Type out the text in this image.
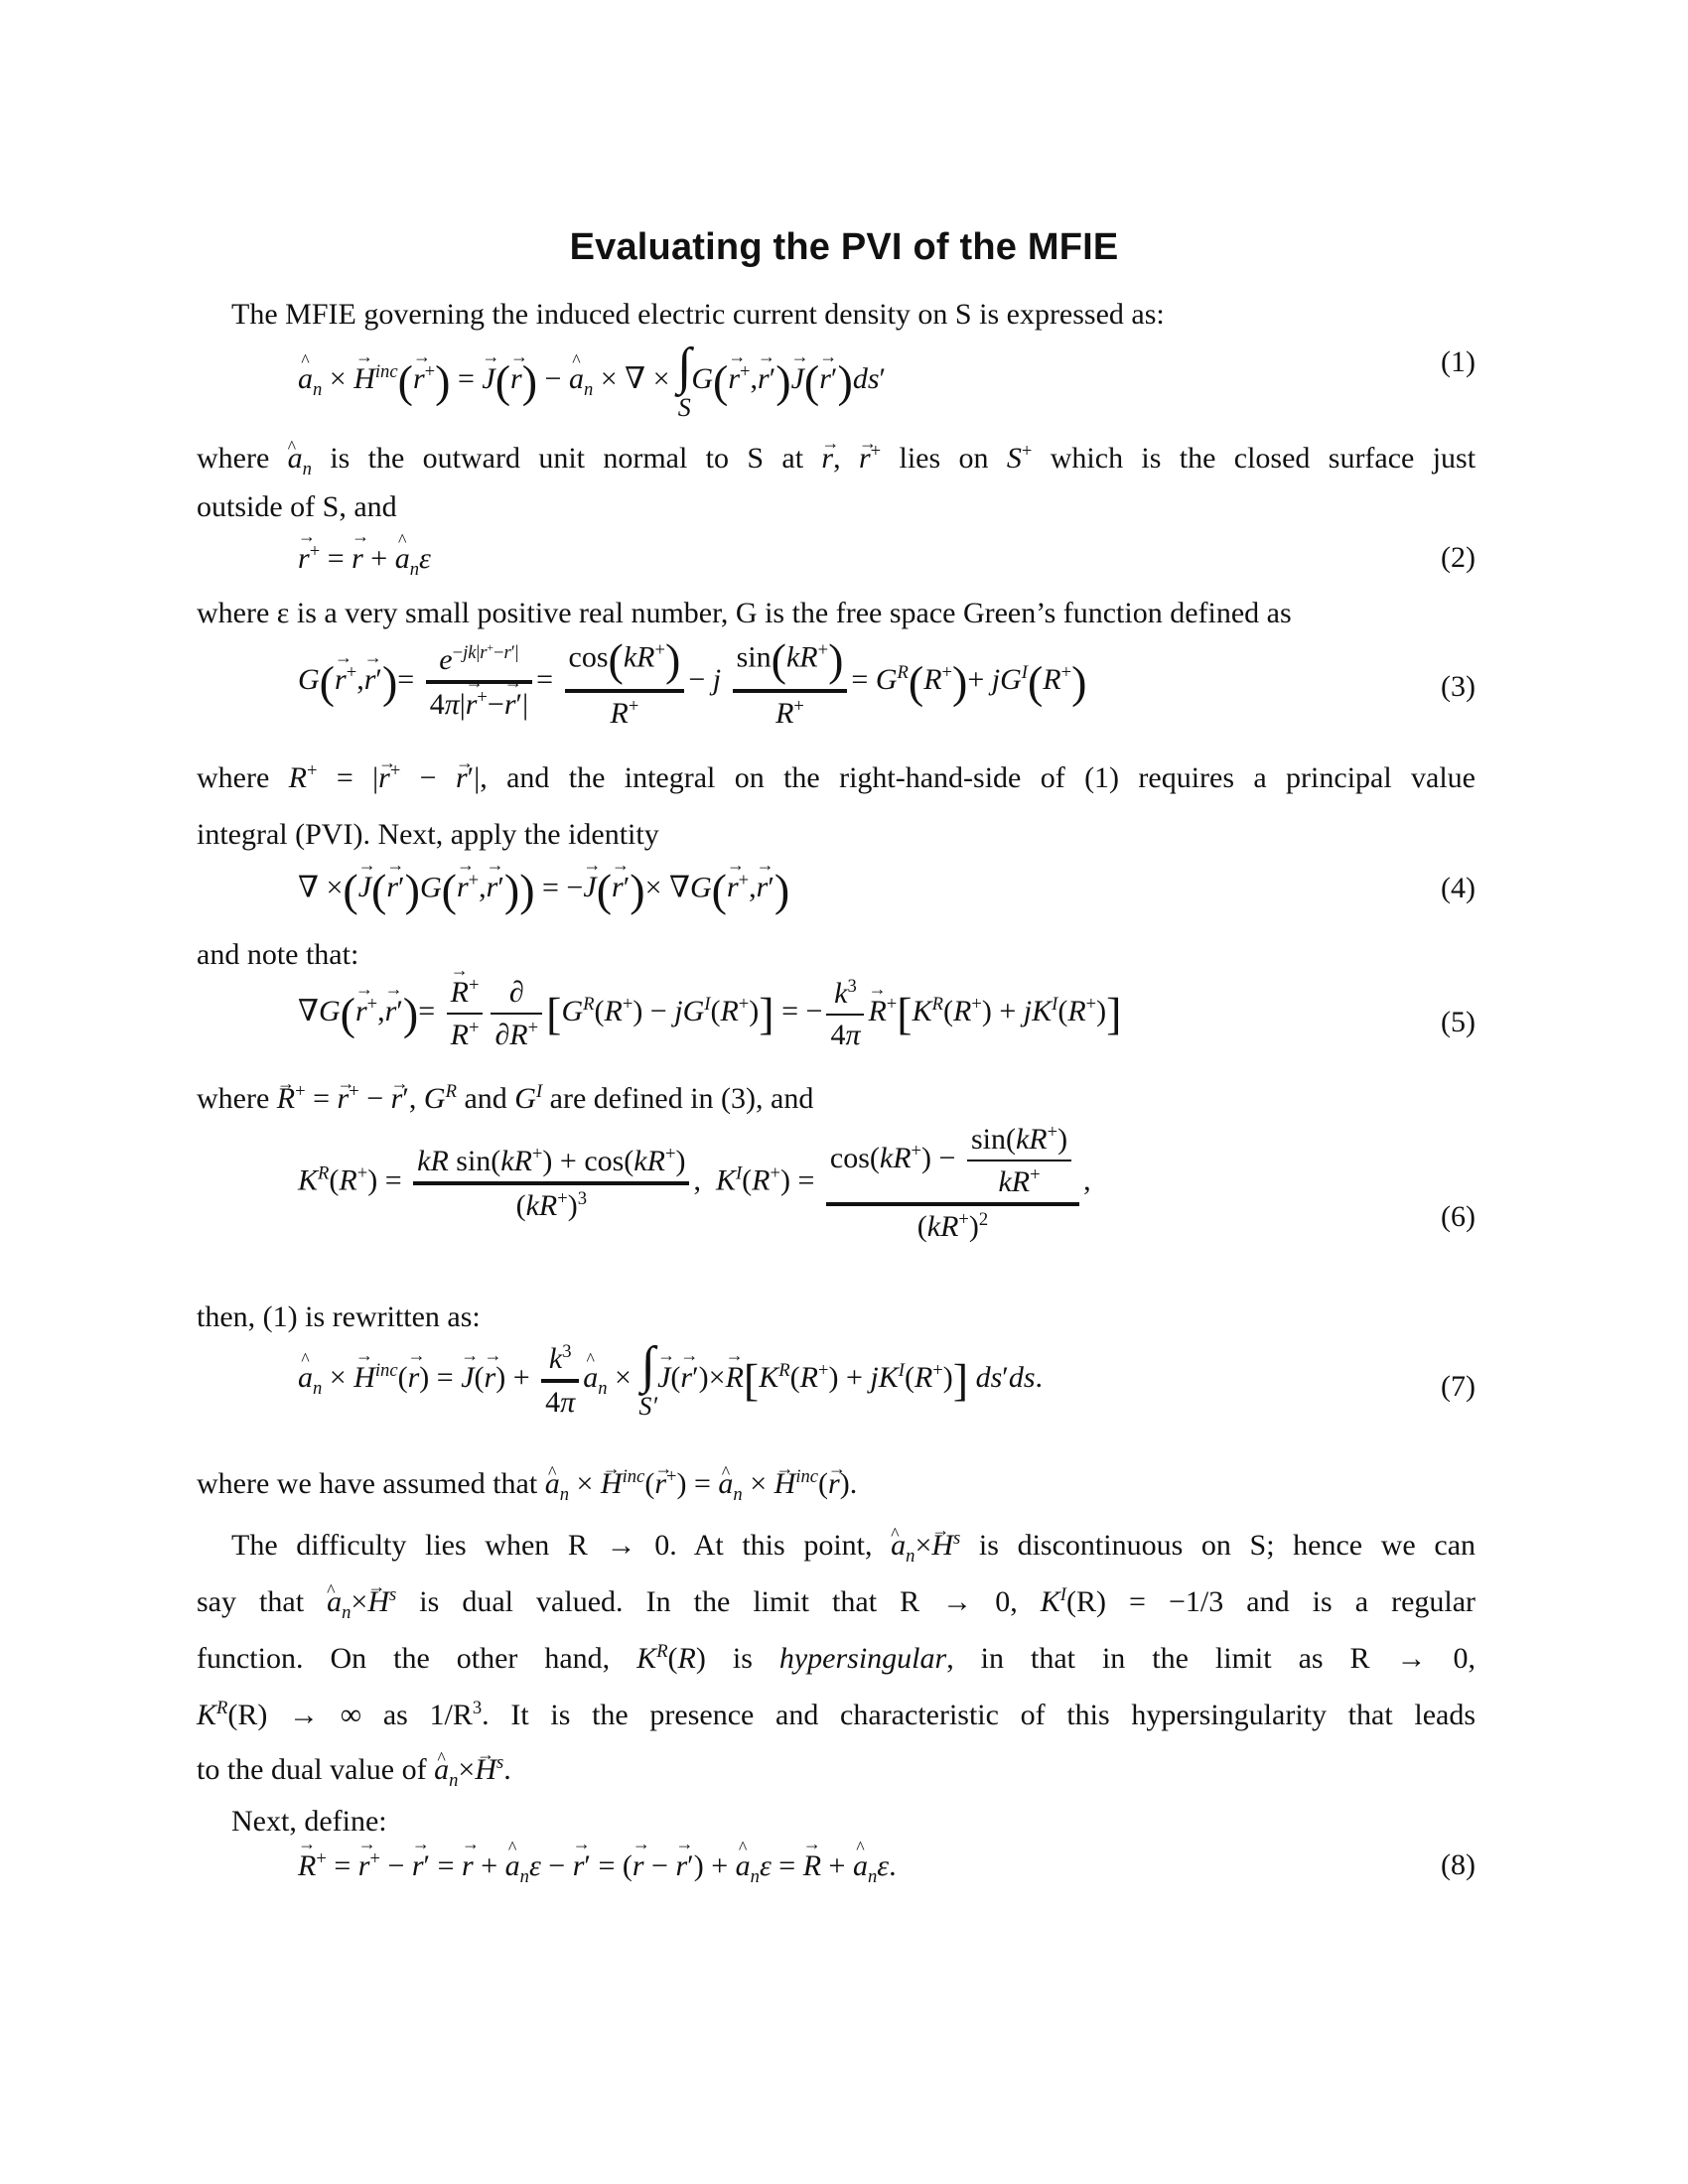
Evaluating the PVI of the MFIE
The MFIE governing the induced electric current density on S is expressed as:
^ $a_n$ × → $H^{inc}(\to r^+)$ = → J(→ r) − ^ $a_n$ × ∇ × ∫
S
G(→ r+,→ r′)→ J(→ r′)ds′
(1)
where ^ $a_n$ is the outward unit normal to S at → r, → r+ lies on S+ which is the closed surface just
outside of S, and
→ r+ = → r + ^ $a_n\varepsilon$	(2)
where ε is a very small positive real number, G is the free space Green’s function defined as
$G(\to r^+,\to r')= \frac{e^{-jk|r^+-r'|}}{4\pi|\to r^+-\to r'|} = \frac{\cos(kR^+)}{R^+} - j \frac{\sin(kR^+)}{R^+} = G^R(R^+)+ jG^I(R^+)$	(3)
where R+ = |→ r+ − → r′|, and the integral on the right-hand-side of (1) requires a principal value
integral (PVI). Next, apply the identity
∇ ×(→ J(→ r′)G(→ r+,→ r′)) = −→ J(→ r′)× ∇G(→ r+,→ r′)	(4)
and note that:
$\nabla G(\to r^+,\to r')= \to \frac{R^+}{R^+} \frac{\partial}{\partial R^+} [G^R(R^+) - jG^I(R^+)]$ = − $\frac{k^3}{4\pi} \to R^+[K^R(R^+) + jK^I(R^+)]$	(5)
where → R+ = → r+ − → r′, $G^R$ and $G^I$ are defined in (3), and
$K^R(R^+) = \frac{kR \sin(kR^+) + \cos(kR^+)}{(kR^+)^3}$ ,  $K^I(R^+) = \frac{\cos(kR^+) - \frac{\sin(kR^+)}{kR^+}}{(kR^+)^2}$ ,
(6)
then, (1) is rewritten as:
^ $a_n$ × → $H^{inc}(\to r)$ = → $J(\to r) + \frac{k^3}{4\pi}$ ^ $a_n$ × ∫
S′
→ $J(\to r')\times\to R[K^R(R^+) + jK^I(R^+)]$ ds′ds.	(7)
where we have assumed that ^ $a_n$ × → $H^{inc}(\to r^+)$ = ^ $a_n$ × → $H^{inc}(\to r)$.
The difficulty lies when R → 0. At this point, ^ $a_n\times\to H^s$ is discontinuous on S; hence we can
say that ^ $a_n\times\to H^s$ is dual valued. In the limit that R → 0, $K^I(R) = -1/3$ and is a regular
function. On the other hand, $K^R(R)$ is hypersingular, in that in the limit as R → 0,
$K^R(R)$ → ∞ as $1/R^3$. It is the presence and characteristic of this hypersingularity that leads
to the dual value of ^ $a_n\times\to H^s$.
Next, define:
→ R+ = → r+ − → r′ = → r + ^ $a_n\varepsilon$ − → r′ = (→ r − → r′) + ^ $a_n\varepsilon$ = → R + ^ $a_n\varepsilon$.	(8)
